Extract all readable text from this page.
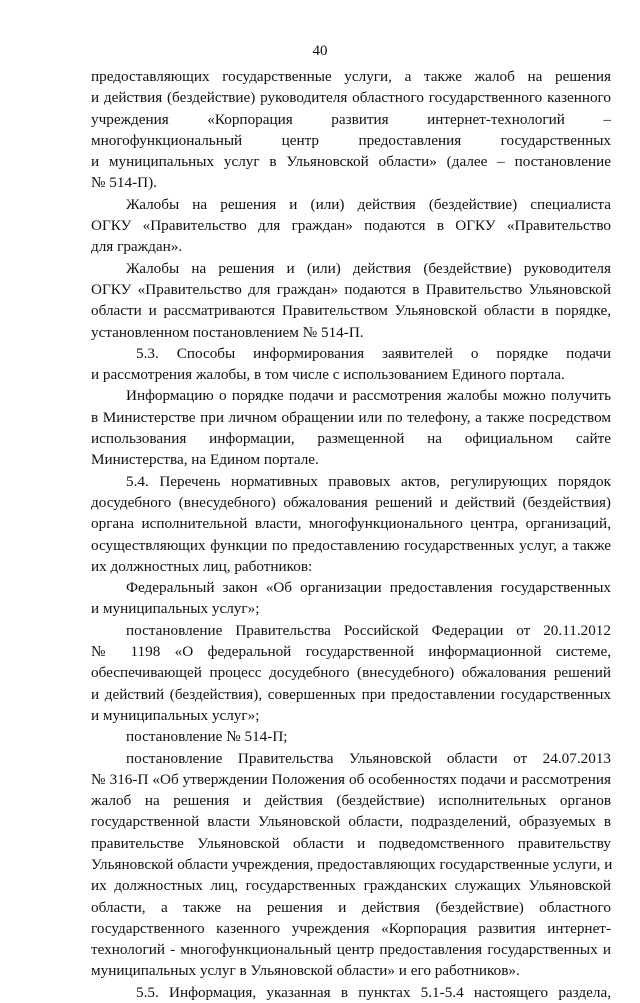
40
предоставляющих государственные услуги, а также жалоб на решения
и действия (бездействие) руководителя областного государственного казенного
учреждения «Корпорация развития интернет-технологий –
многофункциональный центр предоставления государственных
и муниципальных услуг в Ульяновской области» (далее – постановление
№ 514-П).
Жалобы на решения и (или) действия (бездействие) специалиста
ОГКУ «Правительство для граждан» подаются в ОГКУ «Правительство
для граждан».
Жалобы на решения и (или) действия (бездействие) руководителя
ОГКУ «Правительство для граждан» подаются в Правительство Ульяновской
области и рассматриваются Правительством Ульяновской области в порядке,
установленном постановлением № 514-П.
5.3. Способы информирования заявителей о порядке подачи
и рассмотрения жалобы, в том числе с использованием Единого портала.
Информацию о порядке подачи и рассмотрения жалобы можно получить
в Министерстве при личном обращении или по телефону, а также посредством
использования информации, размещенной на официальном сайте
Министерства, на Едином портале.
5.4. Перечень нормативных правовых актов, регулирующих порядок
досудебного (внесудебного) обжалования решений и действий (бездействия)
органа исполнительной власти, многофункционального центра, организаций,
осуществляющих функции по предоставлению государственных услуг, а также
их должностных лиц, работников:
Федеральный закон «Об организации предоставления государственных
и муниципальных услуг»;
постановление Правительства Российской Федерации от 20.11.2012
№ 1198 «О федеральной государственной информационной системе,
обеспечивающей процесс досудебного (внесудебного) обжалования решений
и действий (бездействия), совершенных при предоставлении государственных
и муниципальных услуг»;
постановление № 514-П;
постановление Правительства Ульяновской области от 24.07.2013
№ 316-П «Об утверждении Положения об особенностях подачи и рассмотрения
жалоб на решения и действия (бездействие) исполнительных органов
государственной власти Ульяновской области, подразделений, образуемых в
правительстве Ульяновской области и подведомственного правительству
Ульяновской области учреждения, предоставляющих государственные услуги, и
их должностных лиц, государственных гражданских служащих Ульяновской
области, а также на решения и действия (бездействие) областного
государственного казенного учреждения «Корпорация развития интернет-
технологий - многофункциональный центр предоставления государственных и
муниципальных услуг в Ульяновской области» и его работников».
5.5. Информация, указанная в пунктах 5.1-5.4 настоящего раздела,
